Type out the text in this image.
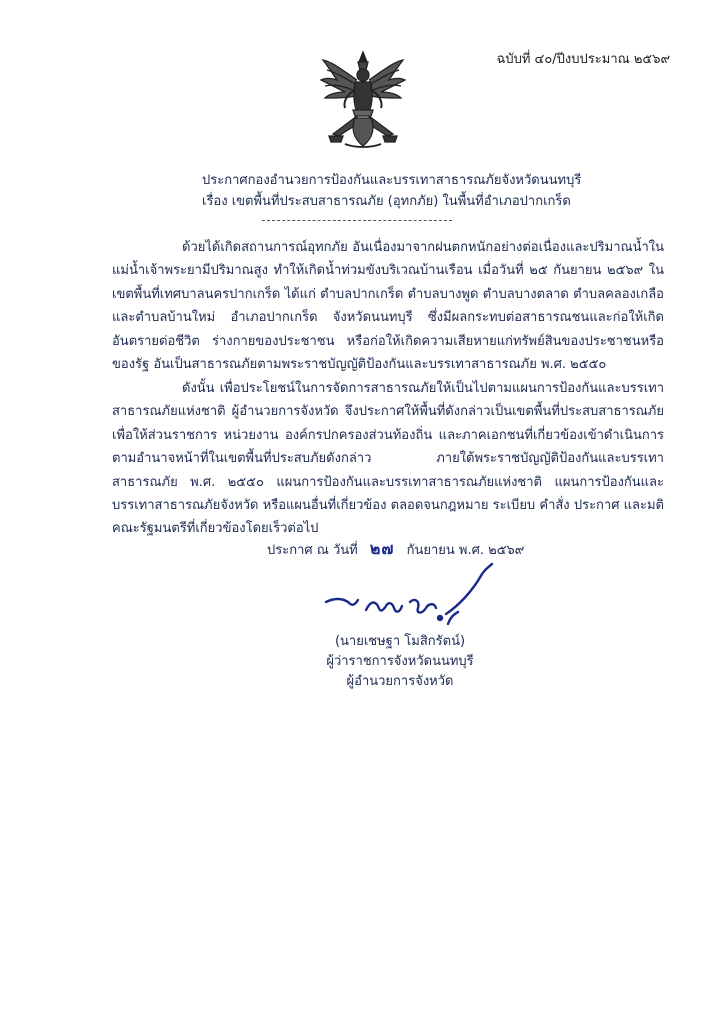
ฉบับที่ ๔๐/ปีงบประมาณ ๒๕๖๙
ประกาศกองอำนวยการป้องกันและบรรเทาสาธารณภัยจังหวัดนนทบุรี
เรื่อง เขตพื้นที่ประสบสาธารณภัย (อุทกภัย) ในพื้นที่อำเภอปากเกร็ด

ด้วยได้เกิดสถานการณ์อุทกภัย อันเนื่องมาจากฝนตกหนักอย่างต่อเนื่องและปริมาณน้ำในแม่น้ำเจ้าพระยามีปริมาณสูง ทำให้เกิดน้ำท่วมขังบริเวณบ้านเรือน เมื่อวันที่ ๒๕ กันยายน ๒๕๖๙ ในเขตพื้นที่เทศบาลนครปากเกร็ด ได้แก่ ตำบลปากเกร็ด ตำบลบางพูด ตำบลบางตลาด ตำบลคลองเกลือ และตำบลบ้านใหม่ อำเภอปากเกร็ด จังหวัดนนทบุรี ซึ่งมีผลกระทบต่อสาธารณชนและก่อให้เกิดอันตรายต่อชีวิต ร่างกายของประชาชน หรือก่อให้เกิดความเสียหายแก่ทรัพย์สินของประชาชนหรือของรัฐ อันเป็นสาธารณภัยตามพระราชบัญญัติป้องกันและบรรเทาสาธารณภัย พ.ศ. ๒๕๕๐

ดังนั้น เพื่อประโยชน์ในการจัดการสาธารณภัยให้เป็นไปตามแผนการป้องกันและบรรเทาสาธารณภัยแห่งชาติ ผู้อำนวยการจังหวัด จึงประกาศให้พื้นที่ดังกล่าวเป็นเขตพื้นที่ประสบสาธารณภัย เพื่อให้ส่วนราชการ หน่วยงาน องค์กรปกครองส่วนท้องถิ่น และภาคเอกชนที่เกี่ยวข้องเข้าดำเนินการตามอำนาจหน้าที่ในเขตพื้นที่ประสบภัยดังกล่าว ภายใต้พระราชบัญญัติป้องกันและบรรเทาสาธารณภัย พ.ศ. ๒๕๕๐ แผนการป้องกันและบรรเทาสาธารณภัยแห่งชาติ แผนการป้องกันและบรรเทาสาธารณภัยจังหวัด หรือแผนอื่นที่เกี่ยวข้อง ตลอดจนกฎหมาย ระเบียบ คำสั่ง ประกาศ และมติคณะรัฐมนตรีที่เกี่ยวข้องโดยเร็วต่อไป

ประกาศ ณ วันที่ ๒๗ กันยายน พ.ศ. ๒๕๖๙
(นายเชษฐา โมสิกรัตน์)
ผู้ว่าราชการจังหวัดนนทบุรี
ผู้อำนวยการจังหวัด
